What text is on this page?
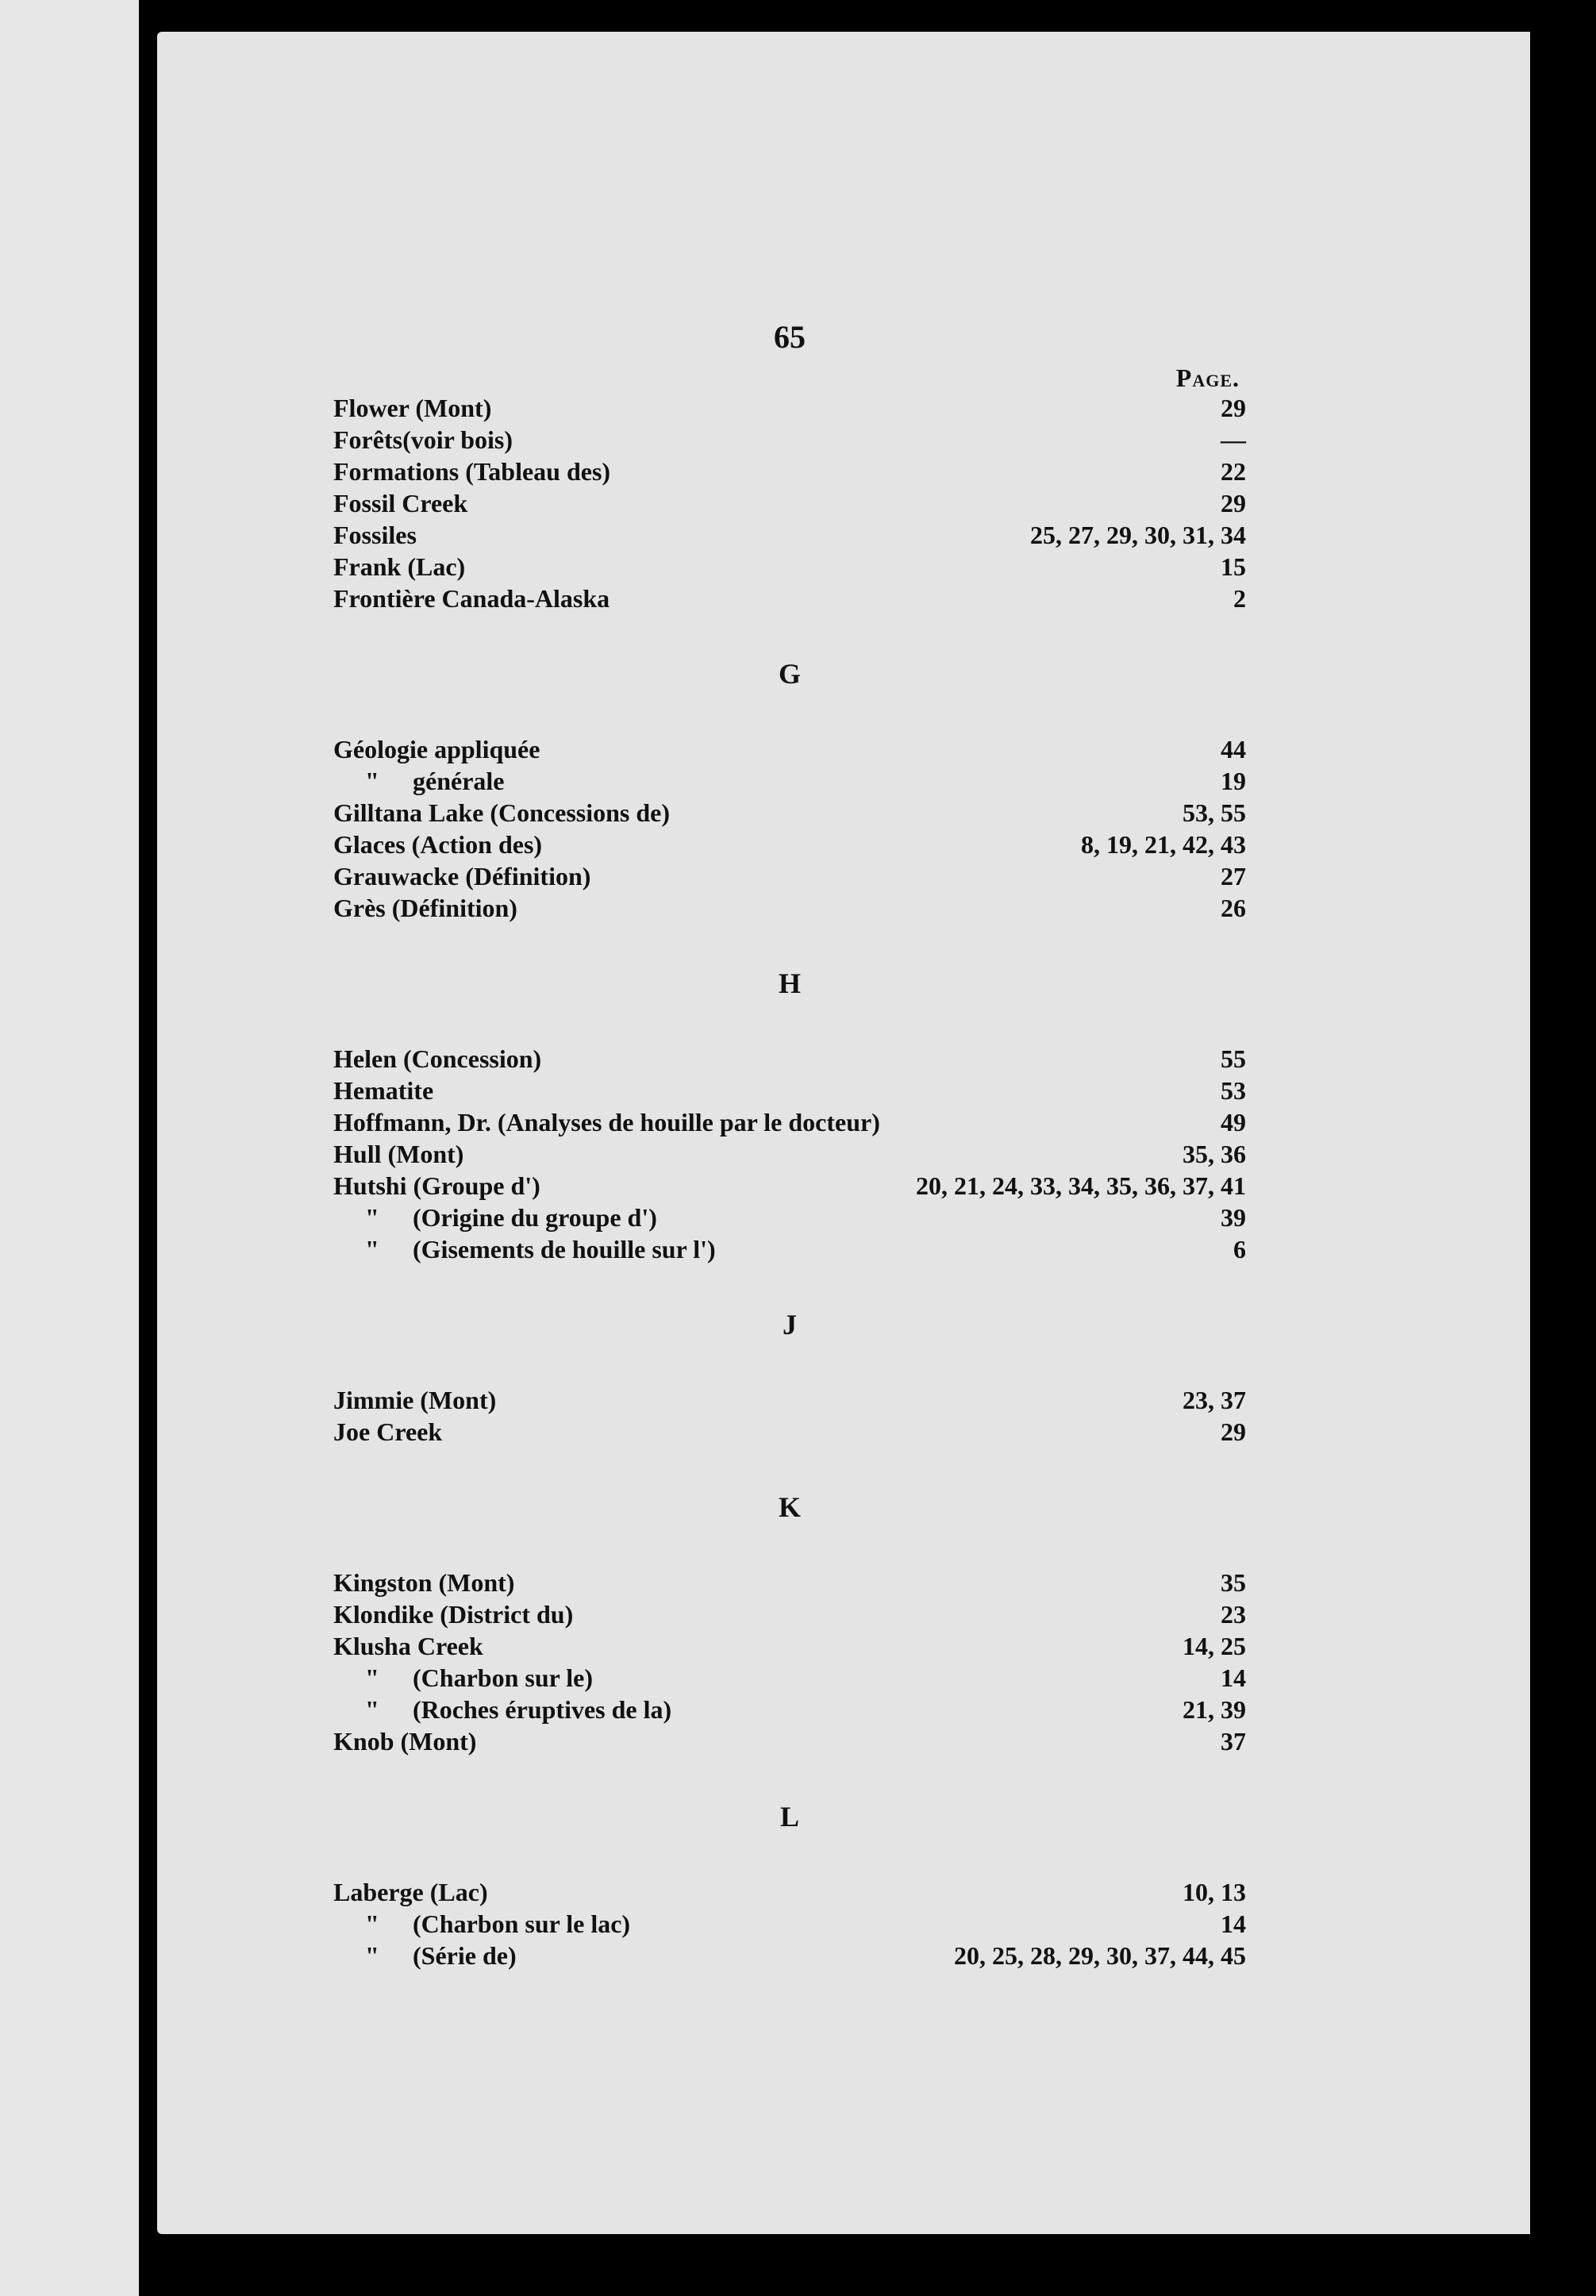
65
Page.
Flower (Mont)	29
Forêts(voir bois)	—
Formations (Tableau des)	22
Fossil Creek	29
Fossiles	25, 27, 29, 30, 31, 34
Frank (Lac)	15
Frontière Canada-Alaska	2
G
Géologie appliquée	44
" générale	19
Gilltana Lake (Concessions de)	53, 55
Glaces (Action des)	8, 19, 21, 42, 43
Grauwacke (Définition)	27
Grès (Définition)	26
H
Helen (Concession)	55
Hematite	53
Hoffmann, Dr. (Analyses de houille par le docteur)	49
Hull (Mont)	35, 36
Hutshi (Groupe d')	20, 21, 24, 33, 34, 35, 36, 37, 41
" (Origine du groupe d')	39
" (Gisements de houille sur l')	6
J
Jimmie (Mont)	23, 37
Joe Creek	29
K
Kingston (Mont)	35
Klondike (District du)	23
Klusha Creek	14, 25
" (Charbon sur le)	14
" (Roches éruptives de la)	21, 39
Knob (Mont)	37
L
Laberge (Lac)	10, 13
" (Charbon sur le lac)	14
" (Série de)	20, 25, 28, 29, 30, 37, 44, 45
